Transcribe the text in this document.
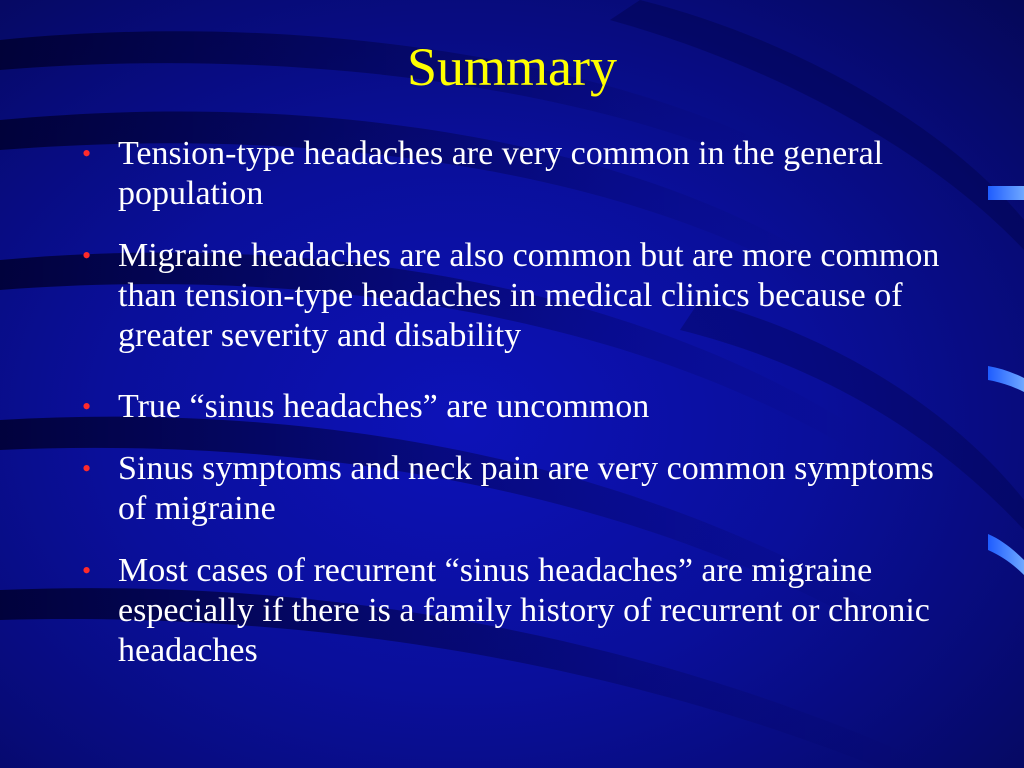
Summary
• Tension-type headaches are very common in the general population
• Migraine headaches are also common but are more common than tension-type headaches in medical clinics because of greater severity and disability
• True “sinus headaches” are uncommon
• Sinus symptoms and neck pain are very common symptoms of migraine
• Most cases of recurrent “sinus headaches” are migraine especially if there is a family history of recurrent or chronic headaches
